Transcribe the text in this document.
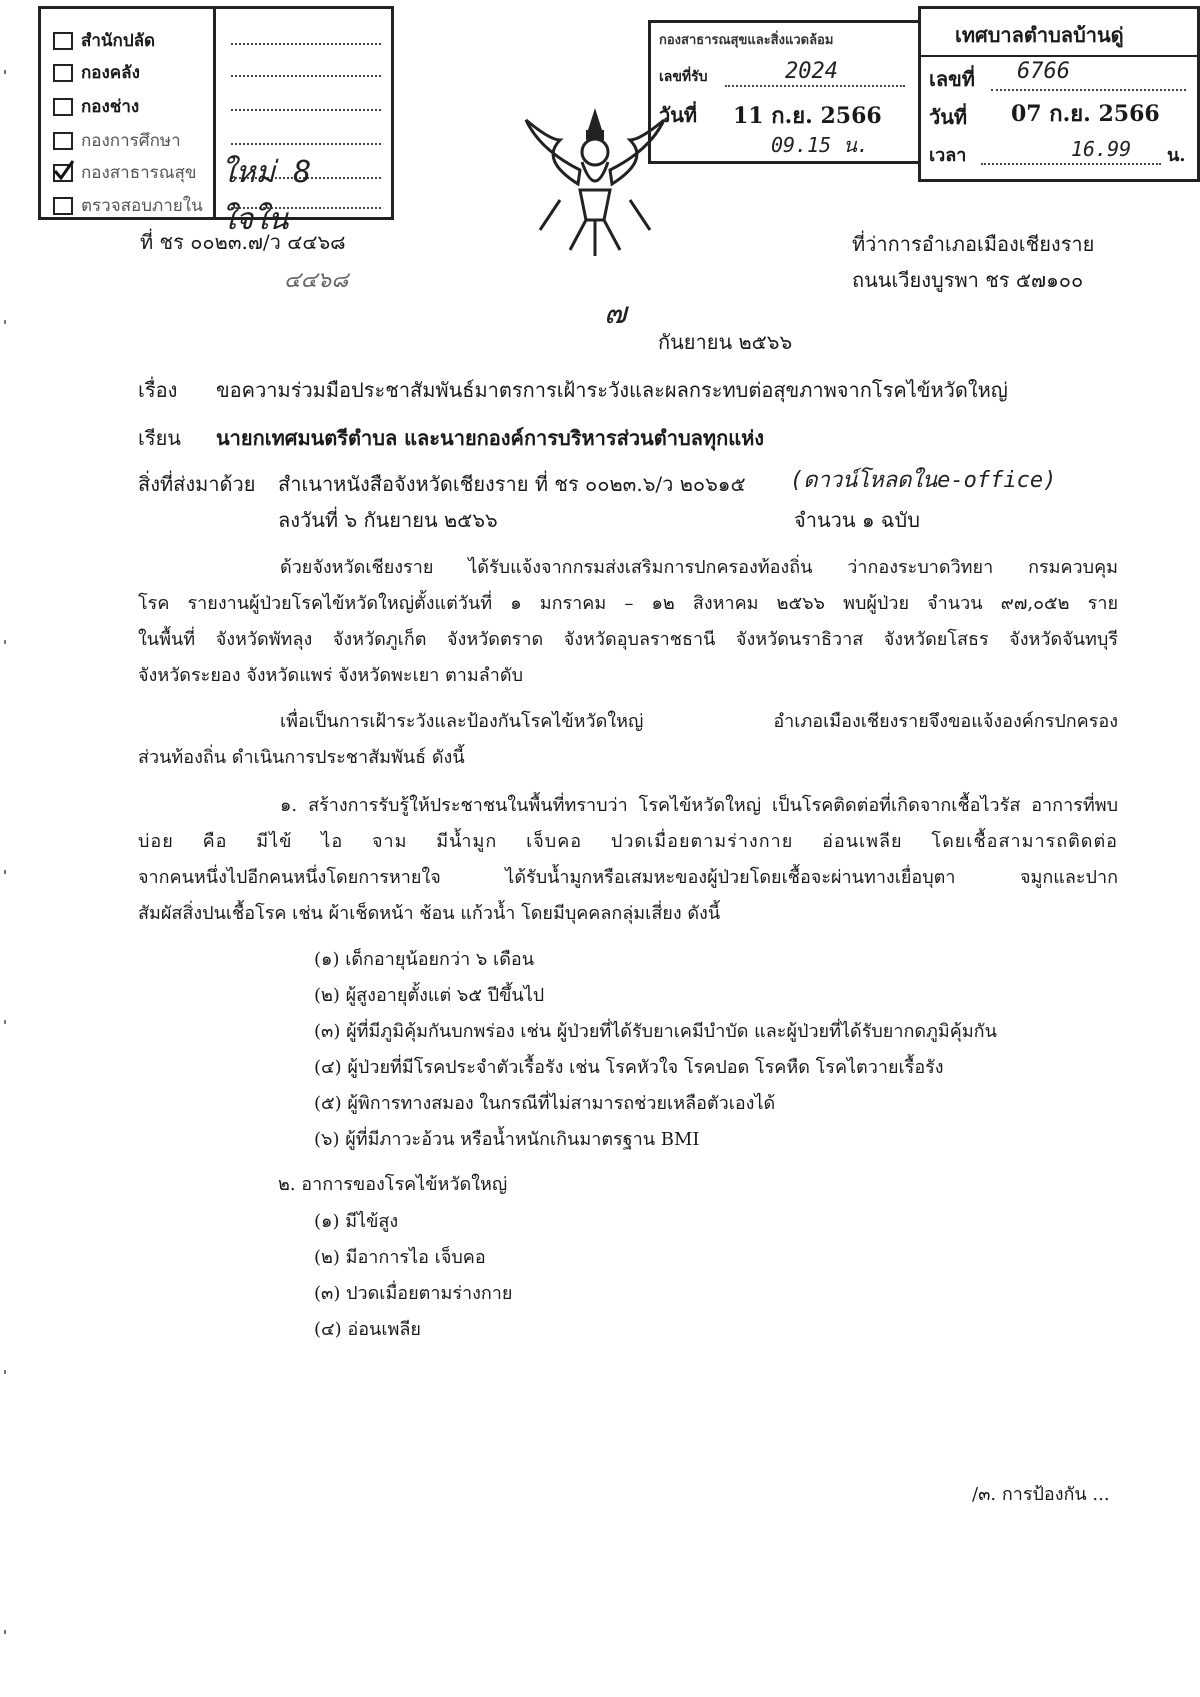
สำนักปลัด
กองคลัง
กองช่าง
กองการศึกษา
กองสาธารณสุข
ตรวจสอบภายใน
ใหม่ 8 ใจใน
กองสาธารณสุขและสิ่งแวดล้อม
เลขที่รับ	2024
วันที่ 11 ก.ย. 2566
09.15 น.
เทศบาลตำบลบ้านดู่
เลขที่ 6766
วันที่ 07 ก.ย. 2566
เวลา	16.99 น.
ที่ ชร ๐๐๒๓.๗/ว ๔๔๖๘
๔๔๖๘
ที่ว่าการอำเภอเมืองเชียงราย
ถนนเวียงบูรพา ชร ๕๗๑๐๐
๗
กันยายน ๒๕๖๖
เรื่อง ขอความร่วมมือประชาสัมพันธ์มาตรการเฝ้าระวังและผลกระทบต่อสุขภาพจากโรคไข้หวัดใหญ่
เรียน นายกเทศมนตรีตำบล และนายกองค์การบริหารส่วนตำบลทุกแห่ง
สิ่งที่ส่งมาด้วย สำเนาหนังสือจังหวัดเชียงราย ที่ ชร ๐๐๒๓.๖/ว ๒๐๖๑๕ (ดาวน์โหลดในe-office)
ลงวันที่ ๖ กันยายน ๒๕๖๖	จำนวน ๑ ฉบับ
ด้วยจังหวัดเชียงราย ได้รับแจ้งจากกรมส่งเสริมการปกครองท้องถิ่น ว่ากองระบาดวิทยา กรมควบคุม
โรค รายงานผู้ป่วยโรคไข้หวัดใหญ่ตั้งแต่วันที่ ๑ มกราคม – ๑๒ สิงหาคม ๒๕๖๖ พบผู้ป่วย จำนวน ๙๗,๐๕๒ ราย
ในพื้นที่ จังหวัดพัทลุง จังหวัดภูเก็ต จังหวัดตราด จังหวัดอุบลราชธานี จังหวัดนราธิวาส จังหวัดยโสธร จังหวัดจันทบุรี
จังหวัดระยอง จังหวัดแพร่ จังหวัดพะเยา ตามลำดับ
เพื่อเป็นการเฝ้าระวังและป้องกันโรคไข้หวัดใหญ่ อำเภอเมืองเชียงรายจึงขอแจ้งองค์กรปกครอง
ส่วนท้องถิ่น ดำเนินการประชาสัมพันธ์ ดังนี้
๑. สร้างการรับรู้ให้ประชาชนในพื้นที่ทราบว่า โรคไข้หวัดใหญ่ เป็นโรคติดต่อที่เกิดจากเชื้อไวรัส อาการที่พบ
บ่อย คือ มีไข้ ไอ จาม มีน้ำมูก เจ็บคอ ปวดเมื่อยตามร่างกาย อ่อนเพลีย โดยเชื้อสามารถติดต่อ
จากคนหนึ่งไปอีกคนหนึ่งโดยการหายใจ ได้รับน้ำมูกหรือเสมหะของผู้ป่วยโดยเชื้อจะผ่านทางเยื่อบุตา จมูกและปาก
สัมผัสสิ่งปนเชื้อโรค เช่น ผ้าเช็ดหน้า ช้อน แก้วน้ำ โดยมีบุคคลกลุ่มเสี่ยง ดังนี้
(๑) เด็กอายุน้อยกว่า ๖ เดือน
(๒) ผู้สูงอายุตั้งแต่ ๖๕ ปีขึ้นไป
(๓) ผู้ที่มีภูมิคุ้มกันบกพร่อง เช่น ผู้ป่วยที่ได้รับยาเคมีบำบัด และผู้ป่วยที่ได้รับยากดภูมิคุ้มกัน
(๔) ผู้ป่วยที่มีโรคประจำตัวเรื้อรัง เช่น โรคหัวใจ โรคปอด โรคหืด โรคไตวายเรื้อรัง
(๕) ผู้พิการทางสมอง ในกรณีที่ไม่สามารถช่วยเหลือตัวเองได้
(๖) ผู้ที่มีภาวะอ้วน หรือน้ำหนักเกินมาตรฐาน BMI
๒. อาการของโรคไข้หวัดใหญ่
(๑) มีไข้สูง
(๒) มีอาการไอ เจ็บคอ
(๓) ปวดเมื่อยตามร่างกาย
(๔) อ่อนเพลีย
/๓. การป้องกัน ...
